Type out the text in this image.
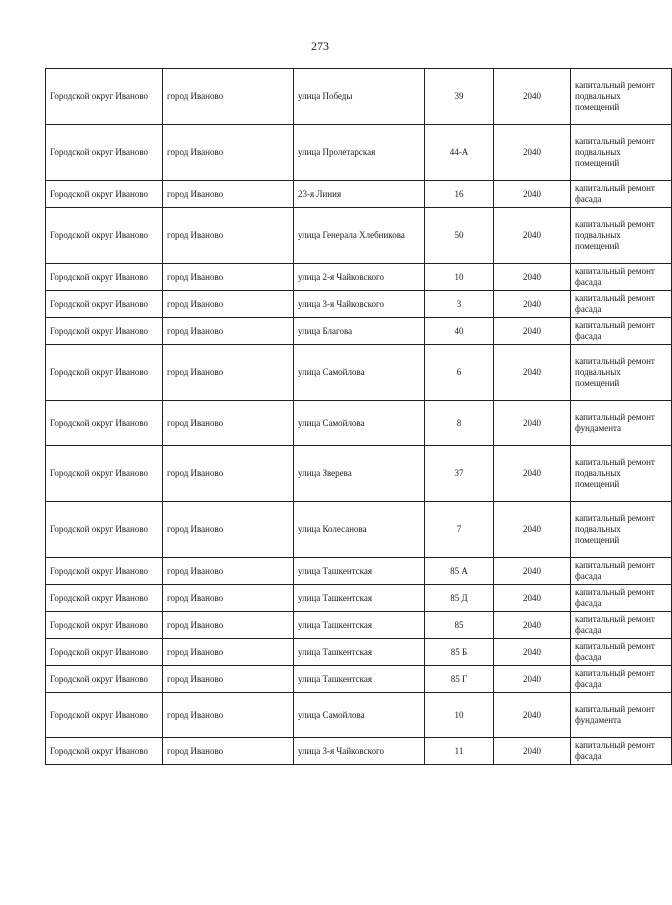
273
Городской округ Иваново	город Иваново	улица Победы	39	2040	капитальный ремонт подвальных помещений
Городской округ Иваново	город Иваново	улица Пролетарская	44-А	2040	капитальный ремонт подвальных помещений
Городской округ Иваново	город Иваново	23-я Линия	16	2040	капитальный ремонт фасада
Городской округ Иваново	город Иваново	улица Генерала Хлебникова	50	2040	капитальный ремонт подвальных помещений
Городской округ Иваново	город Иваново	улица 2-я Чайковского	10	2040	капитальный ремонт фасада
Городской округ Иваново	город Иваново	улица 3-я Чайковского	3	2040	капитальный ремонт фасада
Городской округ Иваново	город Иваново	улица Благова	40	2040	капитальный ремонт фасада
Городской округ Иваново	город Иваново	улица Самойлова	6	2040	капитальный ремонт подвальных помещений
Городской округ Иваново	город Иваново	улица Самойлова	8	2040	капитальный ремонт фундамента
Городской округ Иваново	город Иваново	улица Зверева	37	2040	капитальный ремонт подвальных помещений
Городской округ Иваново	город Иваново	улица Колесанова	7	2040	капитальный ремонт подвальных помещений
Городской округ Иваново	город Иваново	улица Ташкентская	85 А	2040	капитальный ремонт фасада
Городской округ Иваново	город Иваново	улица Ташкентская	85 Д	2040	капитальный ремонт фасада
Городской округ Иваново	город Иваново	улица Ташкентская	85	2040	капитальный ремонт фасада
Городской округ Иваново	город Иваново	улица Ташкентская	85 Б	2040	капитальный ремонт фасада
Городской округ Иваново	город Иваново	улица Ташкентская	85 Г	2040	капитальный ремонт фасада
Городской округ Иваново	город Иваново	улица Самойлова	10	2040	капитальный ремонт фундамента
Городской округ Иваново	город Иваново	улица 3-я Чайковского	11	2040	капитальный ремонт фасада
